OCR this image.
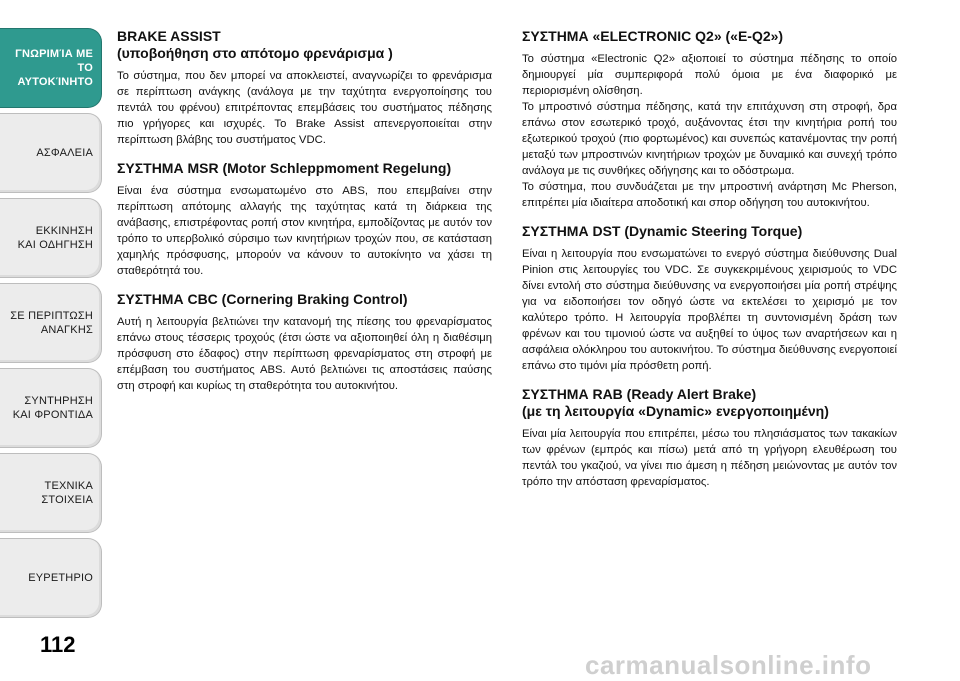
ΓΝΩΡΙΜΊΑ ΜΕ ΤΟ
ΑΥΤΟΚΊΝΗΤΟ
ΑΣΦΑΛΕΙΑ
ΕΚΚΙΝΗΣΗ
ΚΑΙ ΟΔΗΓΗΣΗ
ΣΕ ΠΕΡΙΠΤΩΣΗ
ΑΝΑΓΚΗΣ
ΣΥΝΤΗΡΗΣΗ
ΚΑΙ ΦΡΟΝΤΙΔΑ
ΤΕΧΝΙΚΑ
ΣΤΟΙΧΕΙΑ
ΕΥΡΕΤΗΡΙΟ
112
BRAKE ASSIST
(υποβοήθηση στο απότομο φρενάρισμα )

Το σύστημα, που δεν μπορεί να αποκλειστεί, αναγνωρίζει το φρενάρισμα σε περίπτωση ανάγκης (ανάλογα με την ταχύτητα ενεργοποίησης του πεντάλ του φρένου) επιτρέποντας επεμβάσεις του συστήματος πέδησης πιο γρήγορες και ισχυρές. Το Brake Assist απενεργοποιείται στην περίπτωση βλάβης του συστήματος VDC.

ΣΥΣΤΗΜΑ MSR (Motor Schleppmoment Regelung)

Είναι ένα σύστημα ενσωματωμένο στο ABS, που επεμβαίνει στην περίπτωση απότομης αλλαγής της ταχύτητας κατά τη διάρκεια της ανάβασης, επιστρέφοντας ροπή στον κινητήρα, εμποδίζοντας με αυτόν τον τρόπο το υπερβολικό σύρσιμο των κινητήριων τροχών που, σε κατάσταση χαμηλής πρόσφυσης, μπορούν να κάνουν το αυτοκίνητο να χάσει τη σταθερότητά του.

ΣΥΣΤΗΜΑ CBC (Cornering Braking Control)

Αυτή η λειτουργία βελτιώνει την κατανομή της πίεσης του φρεναρίσματος επάνω στους τέσσερις τροχούς (έτσι ώστε να αξιοποιηθεί όλη η διαθέσιμη πρόσφυση στο έδαφος) στην περίπτωση φρεναρίσματος στη στροφή με επέμβαση του συστήματος ABS. Αυτό βελτιώνει τις αποστάσεις παύσης στη στροφή και κυρίως τη σταθερότητα του αυτοκινήτου.

ΣΥΣΤΗΜΑ «ELECTRONIC Q2» («E-Q2»)

Το σύστημα «Electronic Q2» αξιοποιεί το σύστημα πέδησης το οποίο δημιουργεί μία συμπεριφορά πολύ όμοια με ένα διαφορικό με περιορισμένη ολίσθηση.

Το μπροστινό σύστημα πέδησης, κατά την επιτάχυνση στη στροφή, δρα επάνω στον εσωτερικό τροχό, αυξάνοντας έτσι την κινητήρια ροπή του εξωτερικού τροχού (πιο φορτωμένος) και συνεπώς κατανέμοντας την ροπή μεταξύ των μπροστινών κινητήριων τροχών με δυναμικό και συνεχή τρόπο ανάλογα με τις συνθήκες οδήγησης και το οδόστρωμα.

Το σύστημα, που συνδυάζεται με την μπροστινή ανάρτηση Mc Pherson, επιτρέπει μία ιδιαίτερα αποδοτική και σπορ οδήγηση του αυτοκινήτου.

ΣΥΣΤΗΜΑ DST (Dynamic Steering Torque)

Είναι η λειτουργία που ενσωματώνει το ενεργό σύστημα διεύθυνσης Dual Pinion στις λειτουργίες του VDC. Σε συγκεκριμένους χειρισμούς το VDC δίνει εντολή στο σύστημα διεύθυνσης να ενεργοποιήσει μία ροπή στρέψης για να ειδοποιήσει τον οδηγό ώστε να εκτελέσει το χειρισμό με τον καλύτερο τρόπο. Η λειτουργία προβλέπει τη συντονισμένη δράση των φρένων και του τιμονιού ώστε να αυξηθεί το ύψος των αναρτήσεων και η ασφάλεια ολόκληρου του αυτοκινήτου. Το σύστημα διεύθυνσης ενεργοποιεί επάνω στο τιμόνι μία πρόσθετη ροπή.

ΣΥΣΤΗΜΑ RAB (Ready Alert Brake)
(με τη λειτουργία «Dynamic» ενεργοποιημένη)

Είναι μία λειτουργία που επιτρέπει, μέσω του πλησιάσματος των τακακίων των φρένων (εμπρός και πίσω) μετά από τη γρήγορη ελευθέρωση του πεντάλ του γκαζιού, να γίνει πιο άμεση η πέδηση μειώνοντας με αυτόν τον τρόπο την απόσταση φρεναρίσματος.

carmanualsonline.info
